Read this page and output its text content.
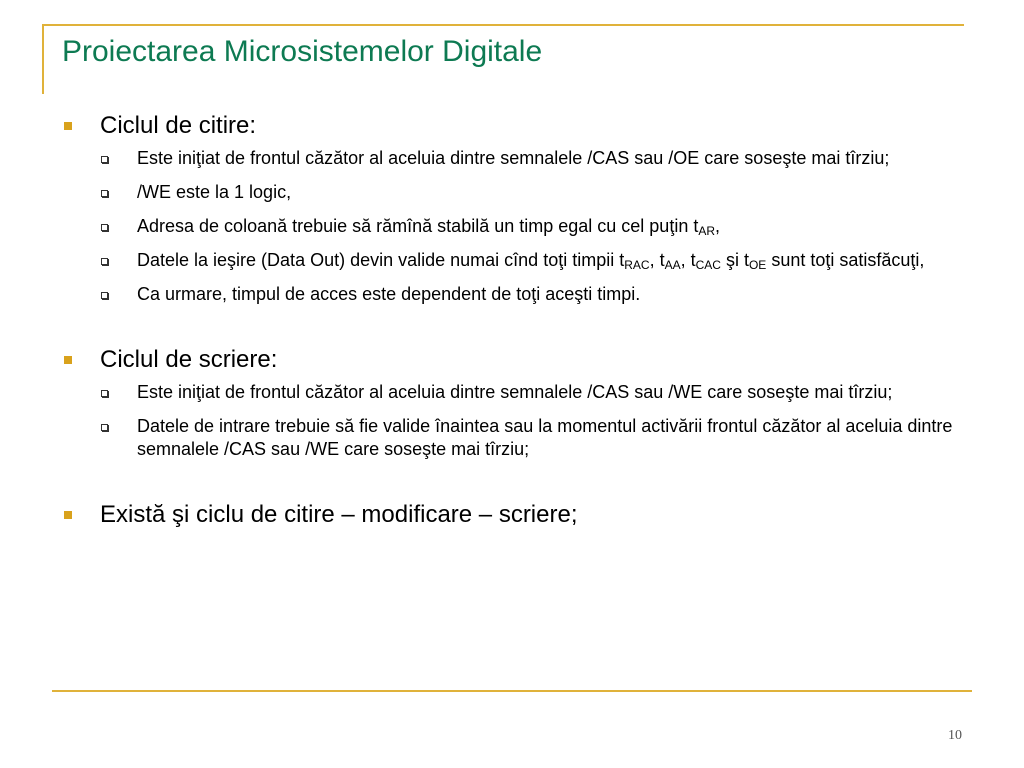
Proiectarea Microsistemelor Digitale
Ciclul de citire:
Este iniţiat de frontul căzător al aceluia dintre semnalele /CAS sau /OE care soseşte mai tîrziu;
/WE este la 1 logic,
Adresa de coloană trebuie să rămînă stabilă un timp egal cu cel puţin $t_{AR}$,
Datele la ieşire (Data Out) devin valide numai cînd toţi timpii $t_{RAC}$, $t_{AA}$, $t_{CAC}$ şi $t_{OE}$ sunt toţi satisfăcuţi,
Ca urmare, timpul de acces este dependent de toţi aceşti timpi.
Ciclul de scriere:
Este iniţiat de frontul căzător al aceluia dintre semnalele /CAS sau /WE care soseşte mai tîrziu;
Datele de intrare trebuie să fie valide înaintea sau la momentul activării frontul căzător al aceluia dintre semnalele /CAS sau /WE care soseşte mai tîrziu;
Există şi ciclu de citire – modificare – scriere;
10
